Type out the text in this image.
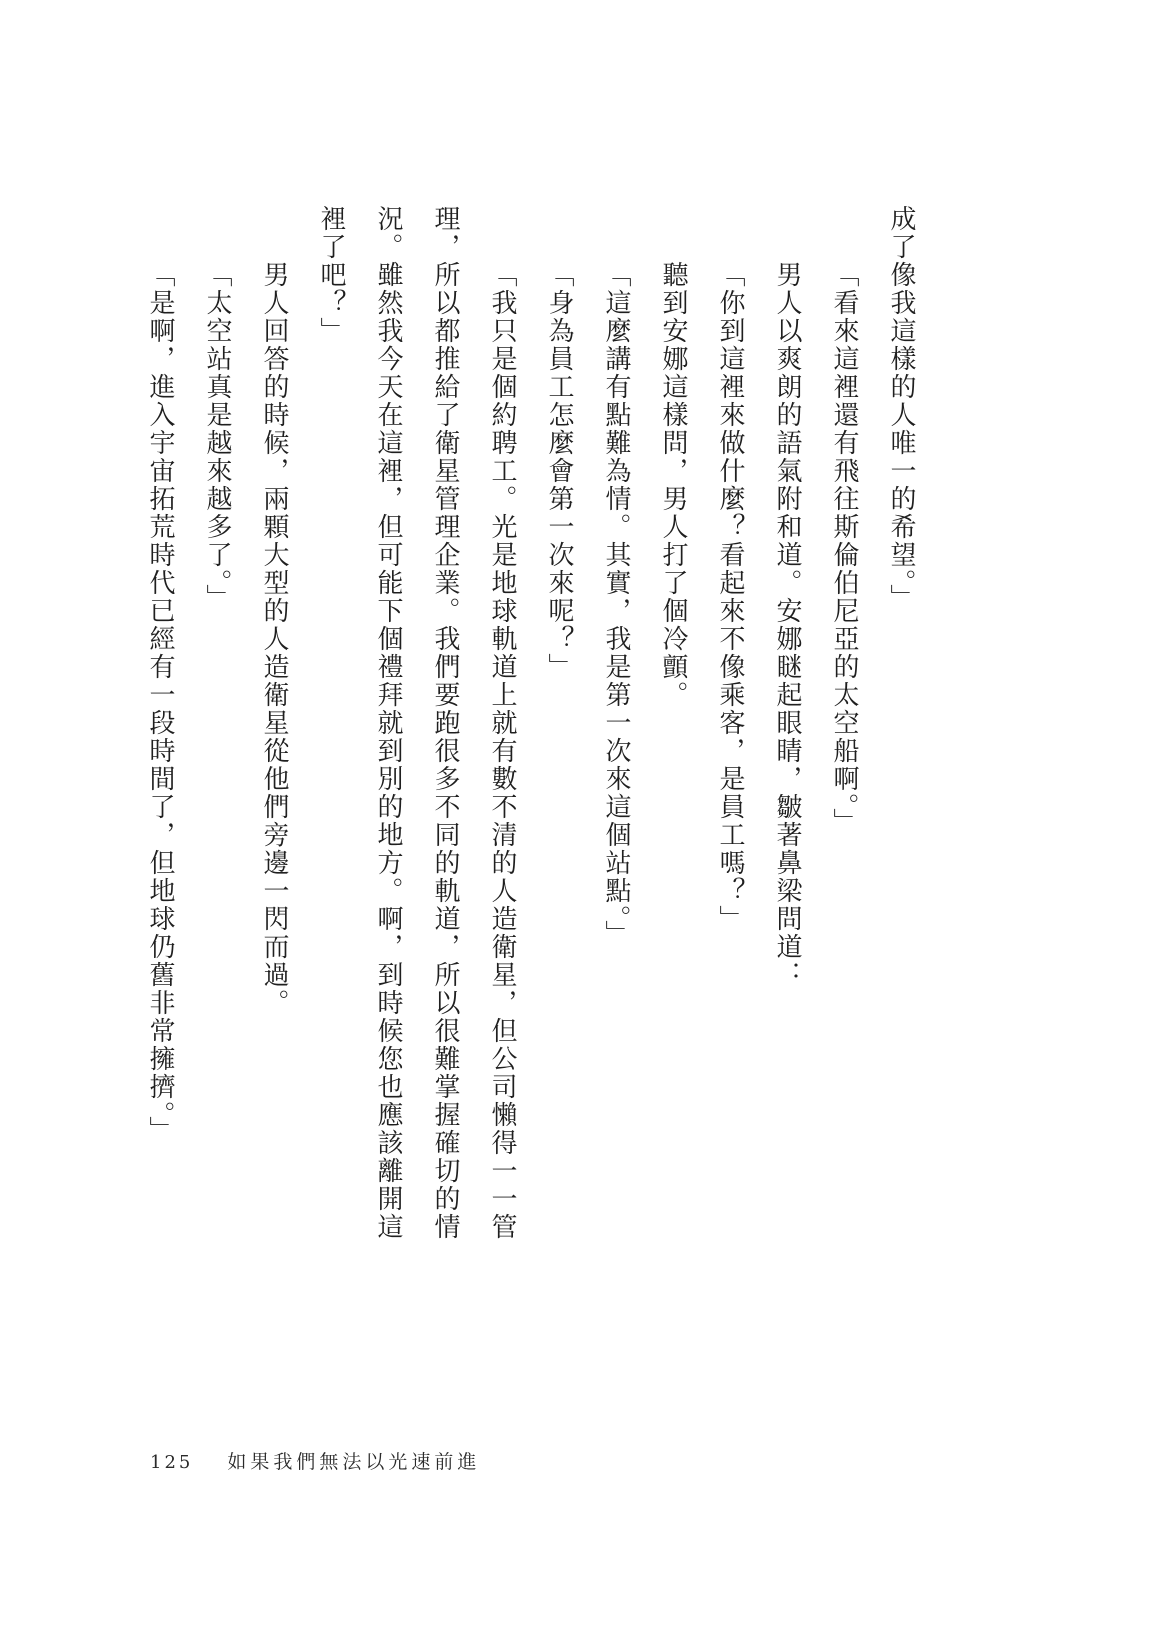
成了像我這樣的人唯一的希望。」

「看來這裡還有飛往斯倫伯尼亞的太空船啊。」

男人以爽朗的語氣附和道。安娜瞇起眼睛，皺著鼻梁問道：

「你到這裡來做什麼？看起來不像乘客，是員工嗎？」

聽到安娜這樣問，男人打了個冷顫。

「這麼講有點難為情。其實，我是第一次來這個站點。」

「身為員工怎麼會第一次來呢？」

「我只是個約聘工。光是地球軌道上就有數不清的人造衛星，但公司懶得一一管理，所以都推給了衛星管理企業。我們要跑很多不同的軌道，所以很難掌握確切的情況。雖然我今天在這裡，但可能下個禮拜就到別的地方。啊，到時候您也應該離開這裡了吧？」

男人回答的時候，兩顆大型的人造衛星從他們旁邊一閃而過。

「太空站真是越來越多了。」

「是啊，進入宇宙拓荒時代已經有一段時間了，但地球仍舊非常擁擠。」

125 如果我們無法以光速前進
